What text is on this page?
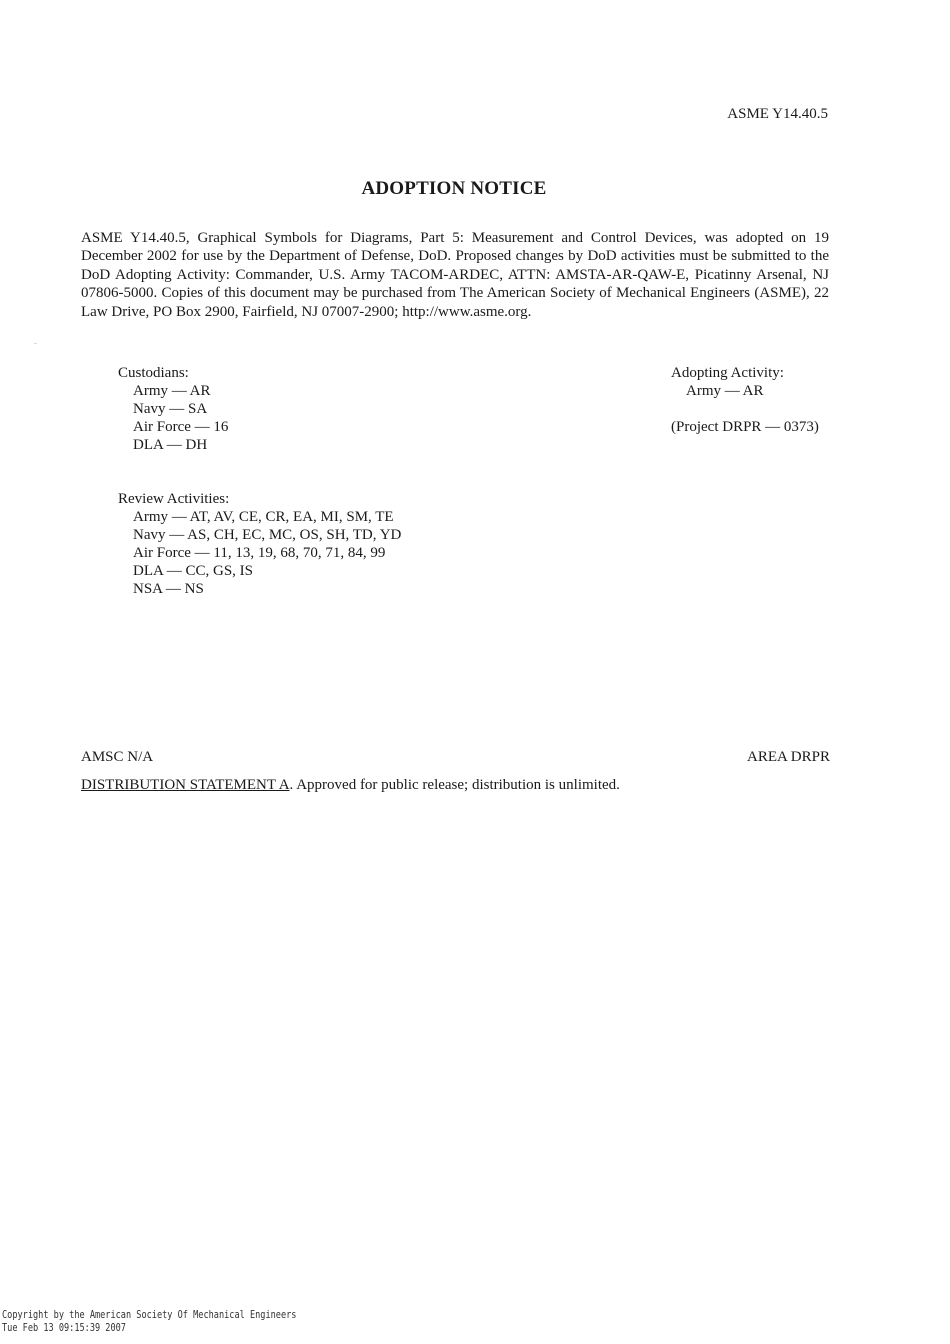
ASME Y14.40.5
ADOPTION NOTICE
ASME Y14.40.5, Graphical Symbols for Diagrams, Part 5: Measurement and Control Devices, was adopted on 19 December 2002 for use by the Department of Defense, DoD. Proposed changes by DoD activities must be submitted to the DoD Adopting Activity: Commander, U.S. Army TACOM-ARDEC, ATTN: AMSTA-AR-QAW-E, Picatinny Arsenal, NJ 07806-5000. Copies of this document may be purchased from The American Society of Mechanical Engineers (ASME), 22 Law Drive, PO Box 2900, Fairfield, NJ 07007-2900; http://www.asme.org.
Custodians:
Army — AR
Navy — SA
Air Force — 16
DLA — DH
Adopting Activity:
Army — AR
(Project DRPR — 0373)
Review Activities:
Army — AT, AV, CE, CR, EA, MI, SM, TE
Navy — AS, CH, EC, MC, OS, SH, TD, YD
Air Force — 11, 13, 19, 68, 70, 71, 84, 99
DLA — CC, GS, IS
NSA — NS
AMSC N/A	AREA DRPR
DISTRIBUTION STATEMENT A. Approved for public release; distribution is unlimited.
Copyright by the American Society Of Mechanical Engineers
Tue Feb 13 09:15:39 2007
